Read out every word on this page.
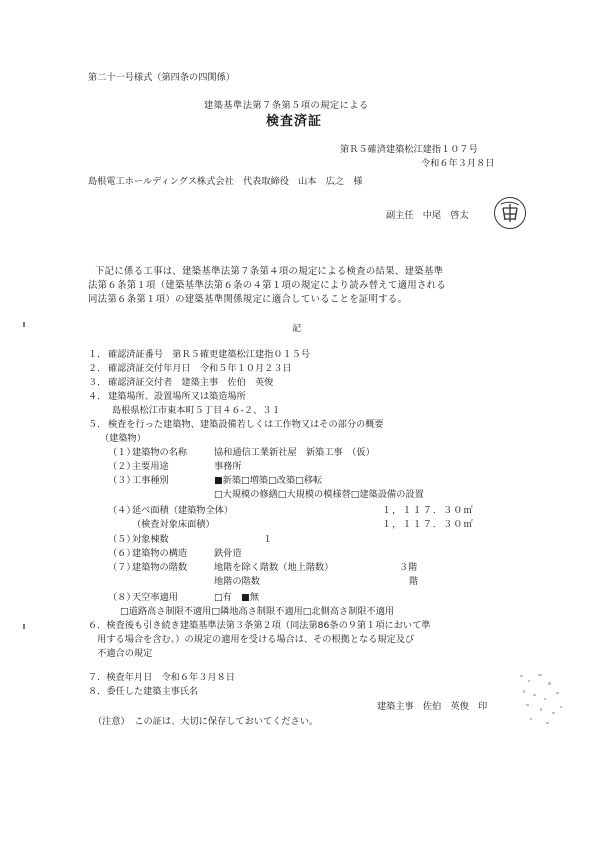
第二十一号様式（第四条の四関係）
建築基準法第７条第５項の規定による
検査済証
第Ｒ５確済建築松江建指１０７号
令和６年３月８日
島根電工ホールディングス株式会社　代表取締役　山本　広之　様
副主任　中尾　啓太
下記に係る工事は、建築基準法第７条第４項の規定による検査の結果、建築基準
法第６条第１項（建築基準法第６条の４第１項の規定により読み替えて適用される
同法第６条第１項）の建築基準関係規定に適合していることを証明する。
記
１． 確認済証番号　第Ｒ５確更建築松江建指０１５号
２． 確認済証交付年月日　令和５年１０月２３日
３． 確認済証交付者　建築主事　佐伯　英俊
４． 建築場所、設置場所又は築造場所
島根県松江市東本町５丁目４６-２、３１
５． 検査を行った建築物、建築設備若しくは工作物又はその部分の概要
（建築物）
（１）
建築物の名称	協和通信工業新社屋　新築工事　（仮）
（２）
主要用途	事務所
（３）
工事種別	■新築□増築□改築□移転
□大規模の修繕□大規模の模様替□建築設備の設置
（４）
延べ面積（建築物全体）	１，１１７．３０㎡
（検査対象床面積）	１，１１７．３０㎡
（５）
対象棟数	１
（６）
建築物の構造	鉄骨造
（７）
建築物の階数	地階を除く階数（地上階数）	３階
地階の階数	階
（８）
天空率適用	□有　■無
□道路高さ制限不適用□隣地高さ制限不適用□北側高さ制限不適用
６．検査後も引き続き建築基準法第３条第２項（同法第86条の９第１項において準
　用する場合を含む。）の規定の適用を受ける場合は、その根拠となる規定及び
　不適合の規定
７．検査年月日　令和６年３月８日
８．委任した建築主事氏名
建築主事　佐伯　英俊　印
（注意）　この証は、大切に保存しておいてください。
